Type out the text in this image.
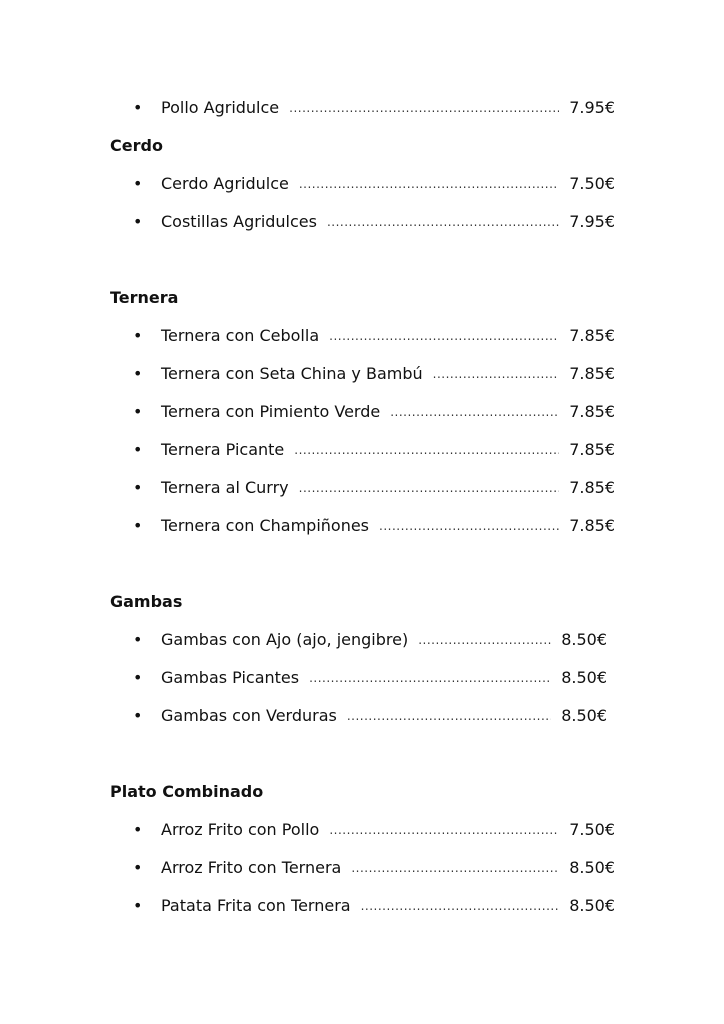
•	Pollo Agridulce .....	7.95€
Cerdo
•	Cerdo Agridulce .....	7.50€
•	Costillas Agridulces .....	7.95€
Ternera
•	Ternera con Cebolla .....	7.85€
•	Ternera con Seta China y Bambú .....	7.85€
•	Ternera con Pimiento Verde .....	7.85€
•	Ternera Picante .....	7.85€
•	Ternera al Curry .....	7.85€
•	Ternera con Champiñones .....	7.85€
Gambas
•	Gambas con Ajo (ajo, jengibre) .....	8.50€
•	Gambas Picantes .....	8.50€
•	Gambas con Verduras .....	8.50€
Plato Combinado
•	Arroz Frito con Pollo .....	7.50€
•	Arroz Frito con Ternera .....	8.50€
•	Patata Frita con Ternera .....	8.50€
